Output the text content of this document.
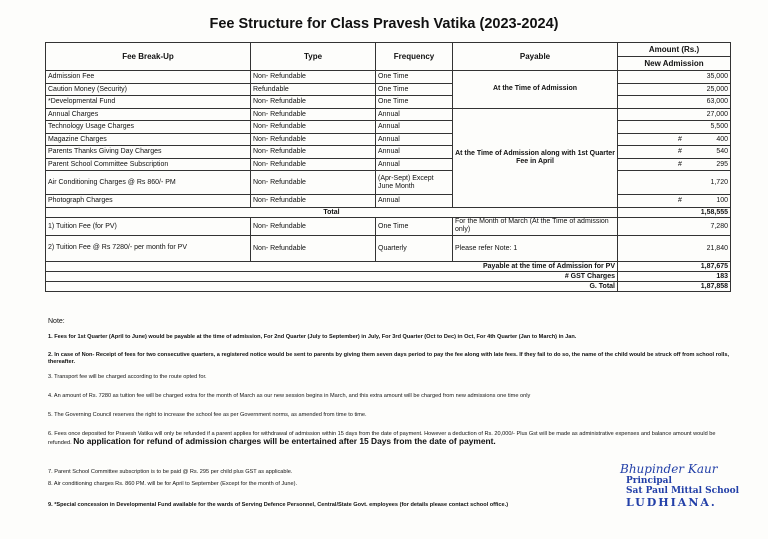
Fee Structure for Class Pravesh Vatika (2023-2024)
Fee Break-Up	Type	Frequency	Payable	Amount (Rs.)
				New Admission
Admission Fee	Non- Refundable	One Time	At the Time of Admission	35,000
Caution Money (Security)	Refundable	One Time		25,000
*Developmental Fund	Non- Refundable	One Time		63,000
Annual Charges	Non- Refundable	Annual	At the Time of Admission along with 1st Quarter Fee in April	27,000
Technology Usage Charges	Non- Refundable	Annual		5,500
Magazine Charges	Non- Refundable	Annual		# 400
Parents Thanks Giving Day Charges	Non- Refundable	Annual		# 540
Parent School Committee Subscription	Non- Refundable	Annual		# 295
Air Conditioning Charges @ Rs 860/- PM	Non- Refundable	(Apr-Sept) Except June Month		1,720
Photograph Charges	Non- Refundable	Annual		# 100
Total				1,58,555
1) Tuition Fee (for PV)	Non- Refundable	One Time	For the Month of March (At the Time of admission only)	7,280
2) Tuition Fee @ Rs 7280/- per month for PV	Non- Refundable	Quarterly	Please refer Note: 1	21,840
Payable at the time of Admission for PV				1,87,675
# GST Charges				183
G. Total				1,87,858
Note:
1. Fees for 1st Quarter (April to June) would be payable at the time of admission, For 2nd Quarter (July to September) in July, For 3rd Quarter (Oct to Dec) in Oct, For 4th Quarter (Jan to March) in Jan.
2. In case of Non- Receipt of fees for two consecutive quarters, a registered notice would be sent to parents by giving them seven days period to pay the fee along with late fees. If they fail to do so, the name of the child would be struck off from school rolls, thereafter.
3. Transport fee will be charged according to the route opted for.
4. An amount of Rs. 7280 as tuition fee will be charged extra for the month of March as our new session begins in March, and this extra amount will be charged from new admissions one time only
5. The Governing Council reserves the right to increase the school fee as per Government norms, as amended from time to time.
6. Fees once deposited for Pravesh Vatika will only be refunded if a parent applies for withdrawal of admission within 15 days from the date of payment. However a deduction of Rs. 20,000/- Plus Gst will be made as administrative expenses and balance amount would be refunded. No application for refund of admission charges will be entertained after 15 Days from the date of payment.
7. Parent School Committee subscription is to be paid @ Rs. 295 per child plus GST as applicable.
8. Air conditioning charges Rs. 860 PM. will be for April to September (Except for the month of June).
9. *Special concession in Developmental Fund available for the wards of Serving Defence Personnel, Central/State Govt. employees (for details please contact school office.)
Bhupinder Kaur
Principal
Sat Paul Mittal School
LUDHIANA.
